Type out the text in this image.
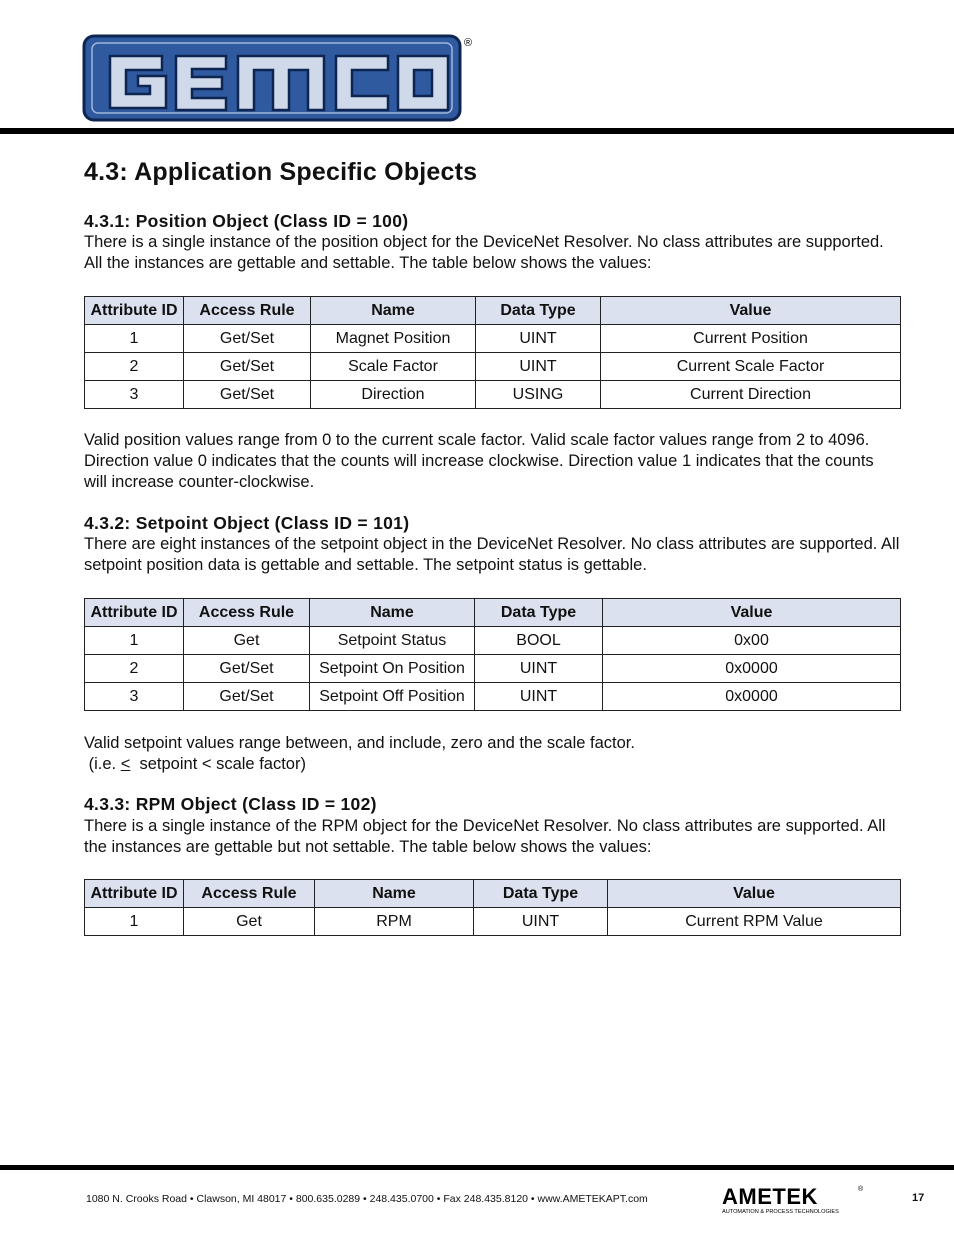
®
4.3: Application Specific Objects
4.3.1: Position Object (Class ID = 100)

There is a single instance of the position object for the DeviceNet Resolver. No class attributes are supported. All the instances are gettable and settable. The table below shows the values:

Attribute ID	Access Rule	Name	Data Type	Value
1	Get/Set	Magnet Position	UINT	Current Position
2	Get/Set	Scale Factor	UINT	Current Scale Factor
3	Get/Set	Direction	USING	Current Direction

Valid position values range from 0 to the current scale factor. Valid scale factor values range from 2 to 4096. Direction value 0 indicates that the counts will increase clockwise. Direction value 1 indicates that the counts will increase counter-clockwise.

4.3.2: Setpoint Object (Class ID = 101)

There are eight instances of the setpoint object in the DeviceNet Resolver. No class attributes are supported. All setpoint position data is gettable and settable. The setpoint status is gettable.

Attribute ID	Access Rule	Name	Data Type	Value
1	Get	Setpoint Status	BOOL	0x00
2	Get/Set	Setpoint On Position	UINT	0x0000
3	Get/Set	Setpoint Off Position	UINT	0x0000

Valid setpoint values range between, and include, zero and the scale factor.
(i.e. <  setpoint < scale factor)

4.3.3: RPM Object (Class ID = 102)

There is a single instance of the RPM object for the DeviceNet Resolver. No class attributes are supported. All the instances are gettable but not settable. The table below shows the values:

Attribute ID	Access Rule	Name	Data Type	Value
1	Get	RPM	UINT	Current RPM Value
1080 N. Crooks Road • Clawson, MI 48017 • 800.635.0289 • 248.435.0700 • Fax 248.435.8120 • www.AMETEKAPT.com	AMETEK	®
AUTOMATION & PROCESS TECHNOLOGIES
17
